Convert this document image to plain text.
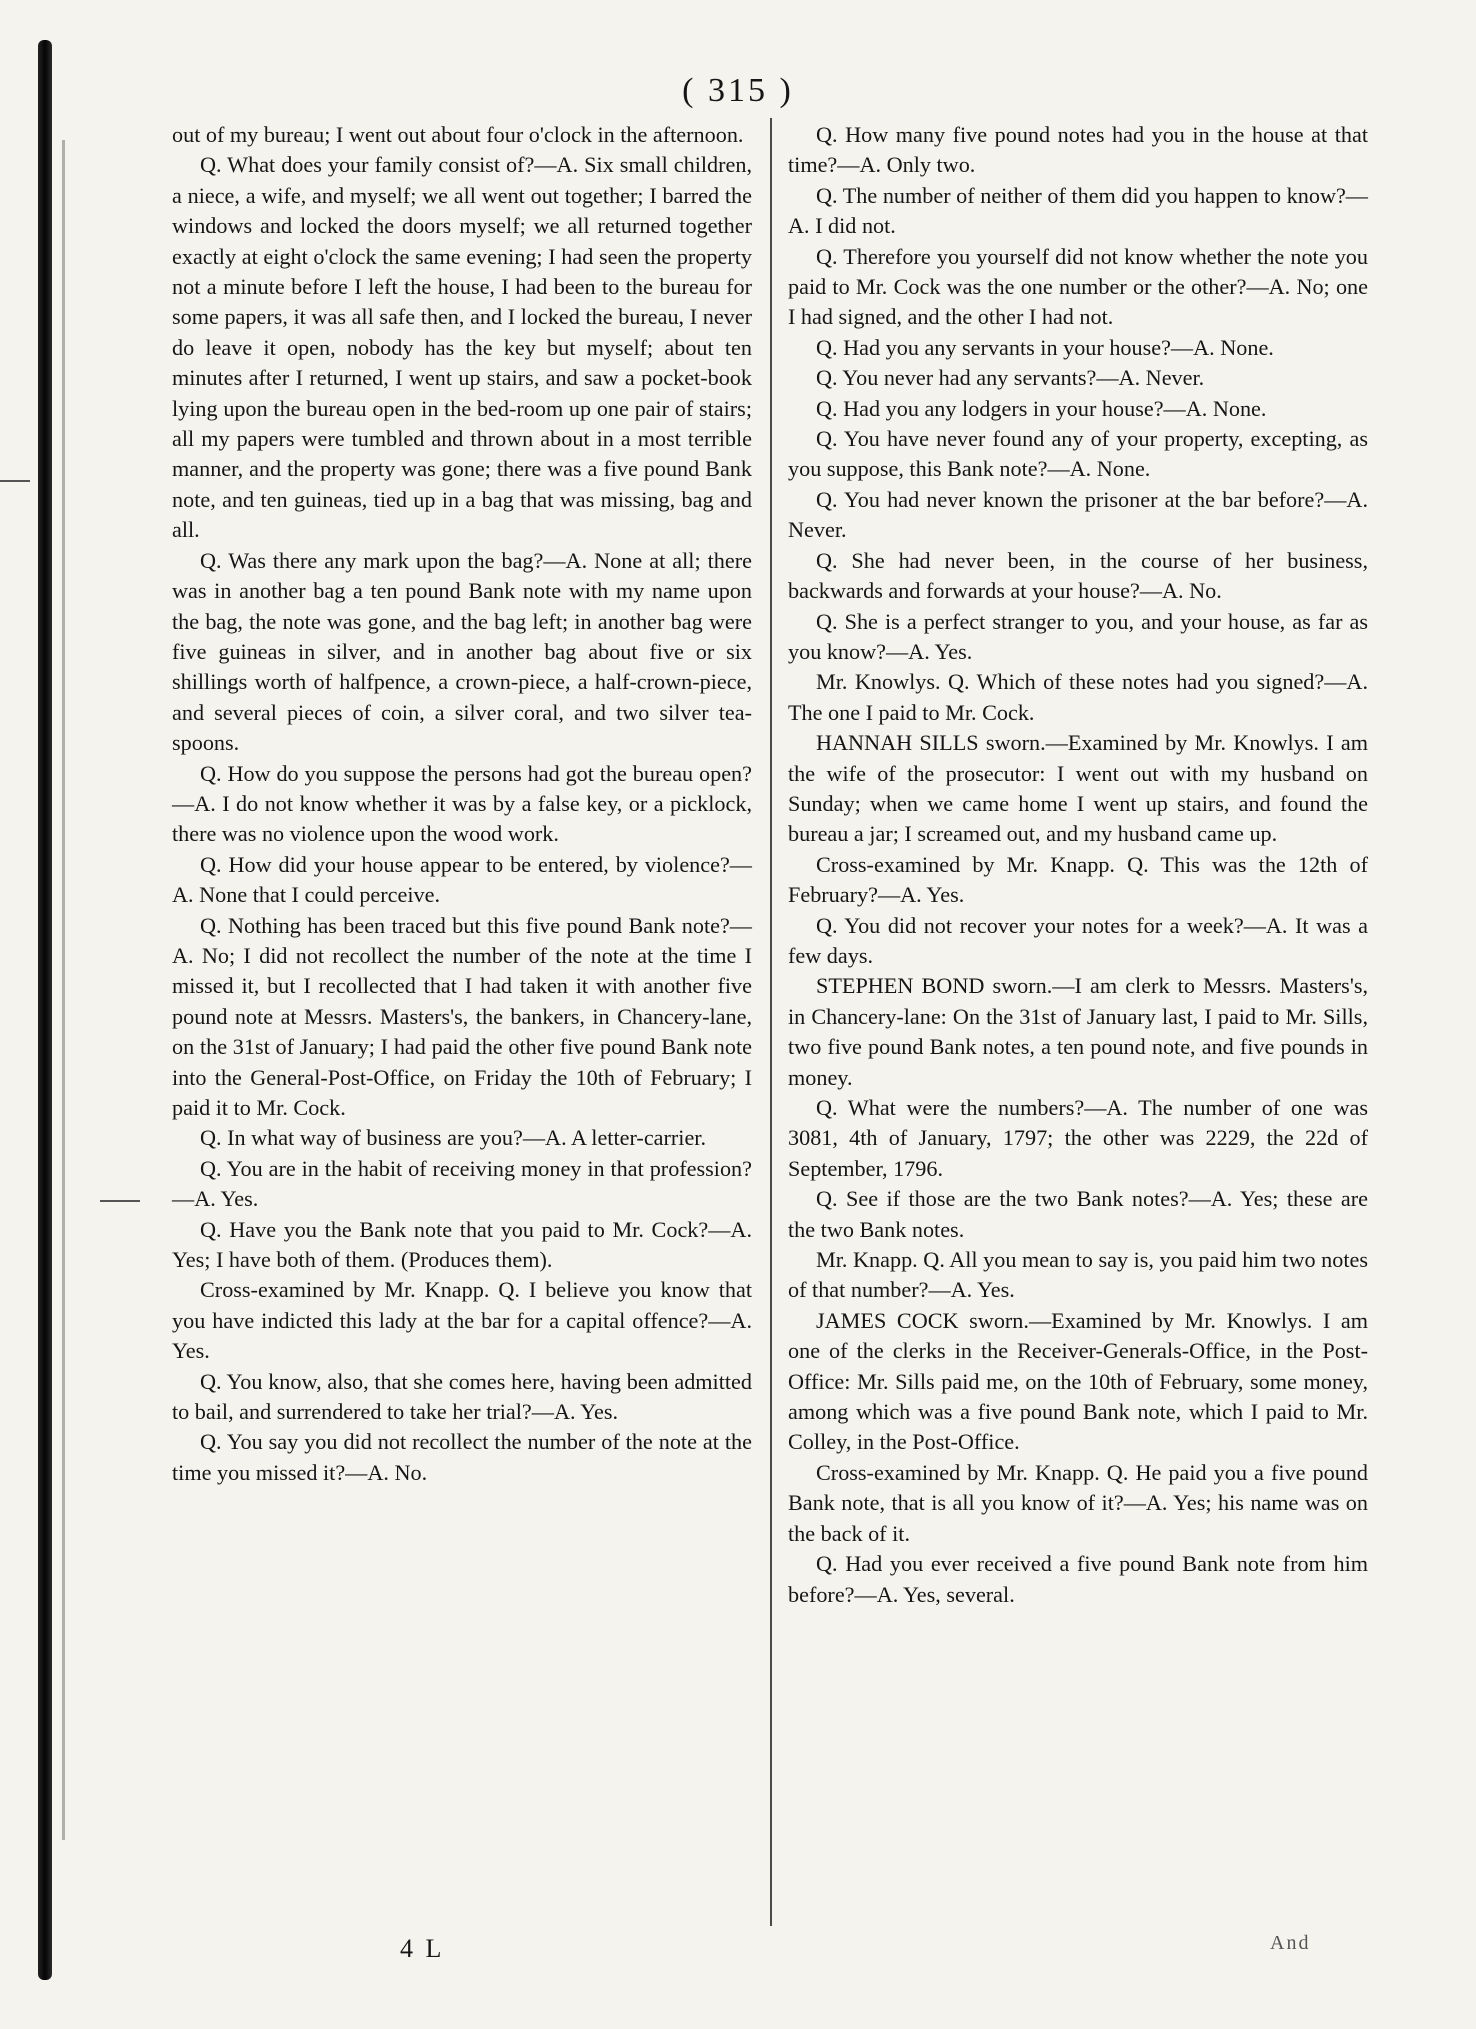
( 315 )

out of my bureau; I went out about four o'clock in the afternoon.

Q. What does your family consist of?—A. Six small children, a niece, a wife, and myself; we all went out together; I barred the windows and locked the doors myself; we all returned together exactly at eight o'clock the same evening; I had seen the property not a minute before I left the house, I had been to the bureau for some papers, it was all safe then, and I locked the bureau, I never do leave it open, nobody has the key but myself; about ten minutes after I returned, I went up stairs, and saw a pocket-book lying upon the bureau open in the bed-room up one pair of stairs; all my papers were tumbled and thrown about in a most terrible manner, and the property was gone; there was a five pound Bank note, and ten guineas, tied up in a bag that was missing, bag and all.

Q. Was there any mark upon the bag?—A. None at all; there was in another bag a ten pound Bank note with my name upon the bag, the note was gone, and the bag left; in another bag were five guineas in silver, and in another bag about five or six shillings worth of halfpence, a crown-piece, a half-crown-piece, and several pieces of coin, a silver coral, and two silver tea-spoons.

Q. How do you suppose the persons had got the bureau open?—A. I do not know whether it was by a false key, or a picklock, there was no violence upon the wood work.

Q. How did your house appear to be entered, by violence?—A. None that I could perceive.

Q. Nothing has been traced but this five pound Bank note?—A. No; I did not recollect the number of the note at the time I missed it, but I recollected that I had taken it with another five pound note at Messrs. Masters's, the bankers, in Chancery-lane, on the 31st of January; I had paid the other five pound Bank note into the General-Post-Office, on Friday the 10th of February; I paid it to Mr. Cock.

Q. In what way of business are you?—A. A letter-carrier.

Q. You are in the habit of receiving money in that profession?—A. Yes.

Q. Have you the Bank note that you paid to Mr. Cock?—A. Yes; I have both of them. (Produces them).

Cross-examined by Mr. Knapp. Q. I believe you know that you have indicted this lady at the bar for a capital offence?—A. Yes.

Q. You know, also, that she comes here, having been admitted to bail, and surrendered to take her trial?—A. Yes.

Q. You say you did not recollect the number of the note at the time you missed it?—A. No.

Q. How many five pound notes had you in the house at that time?—A. Only two.

Q. The number of neither of them did you happen to know?—A. I did not.

Q. Therefore you yourself did not know whether the note you paid to Mr. Cock was the one number or the other?—A. No; one I had signed, and the other I had not.

Q. Had you any servants in your house?—A. None.

Q. You never had any servants?—A. Never.

Q. Had you any lodgers in your house?—A. None.

Q. You have never found any of your property, excepting, as you suppose, this Bank note?—A. None.

Q. You had never known the prisoner at the bar before?—A. Never.

Q. She had never been, in the course of her business, backwards and forwards at your house?—A. No.

Q. She is a perfect stranger to you, and your house, as far as you know?—A. Yes.

Mr. Knowlys. Q. Which of these notes had you signed?—A. The one I paid to Mr. Cock.

HANNAH SILLS sworn.—Examined by Mr. Knowlys. I am the wife of the prosecutor: I went out with my husband on Sunday; when we came home I went up stairs, and found the bureau a jar; I screamed out, and my husband came up.

Cross-examined by Mr. Knapp. Q. This was the 12th of February?—A. Yes.

Q. You did not recover your notes for a week?—A. It was a few days.

STEPHEN BOND sworn.—I am clerk to Messrs. Masters's, in Chancery-lane: On the 31st of January last, I paid to Mr. Sills, two five pound Bank notes, a ten pound note, and five pounds in money.

Q. What were the numbers?—A. The number of one was 3081, 4th of January, 1797; the other was 2229, the 22d of September, 1796.

Q. See if those are the two Bank notes?—A. Yes; these are the two Bank notes.

Mr. Knapp. Q. All you mean to say is, you paid him two notes of that number?—A. Yes.

JAMES COCK sworn.—Examined by Mr. Knowlys. I am one of the clerks in the Receiver-Generals-Office, in the Post-Office: Mr. Sills paid me, on the 10th of February, some money, among which was a five pound Bank note, which I paid to Mr. Colley, in the Post-Office.

Cross-examined by Mr. Knapp. Q. He paid you a five pound Bank note, that is all you know of it?—A. Yes; his name was on the back of it.

Q. Had you ever received a five pound Bank note from him before?—A. Yes, several.

4 L	And
